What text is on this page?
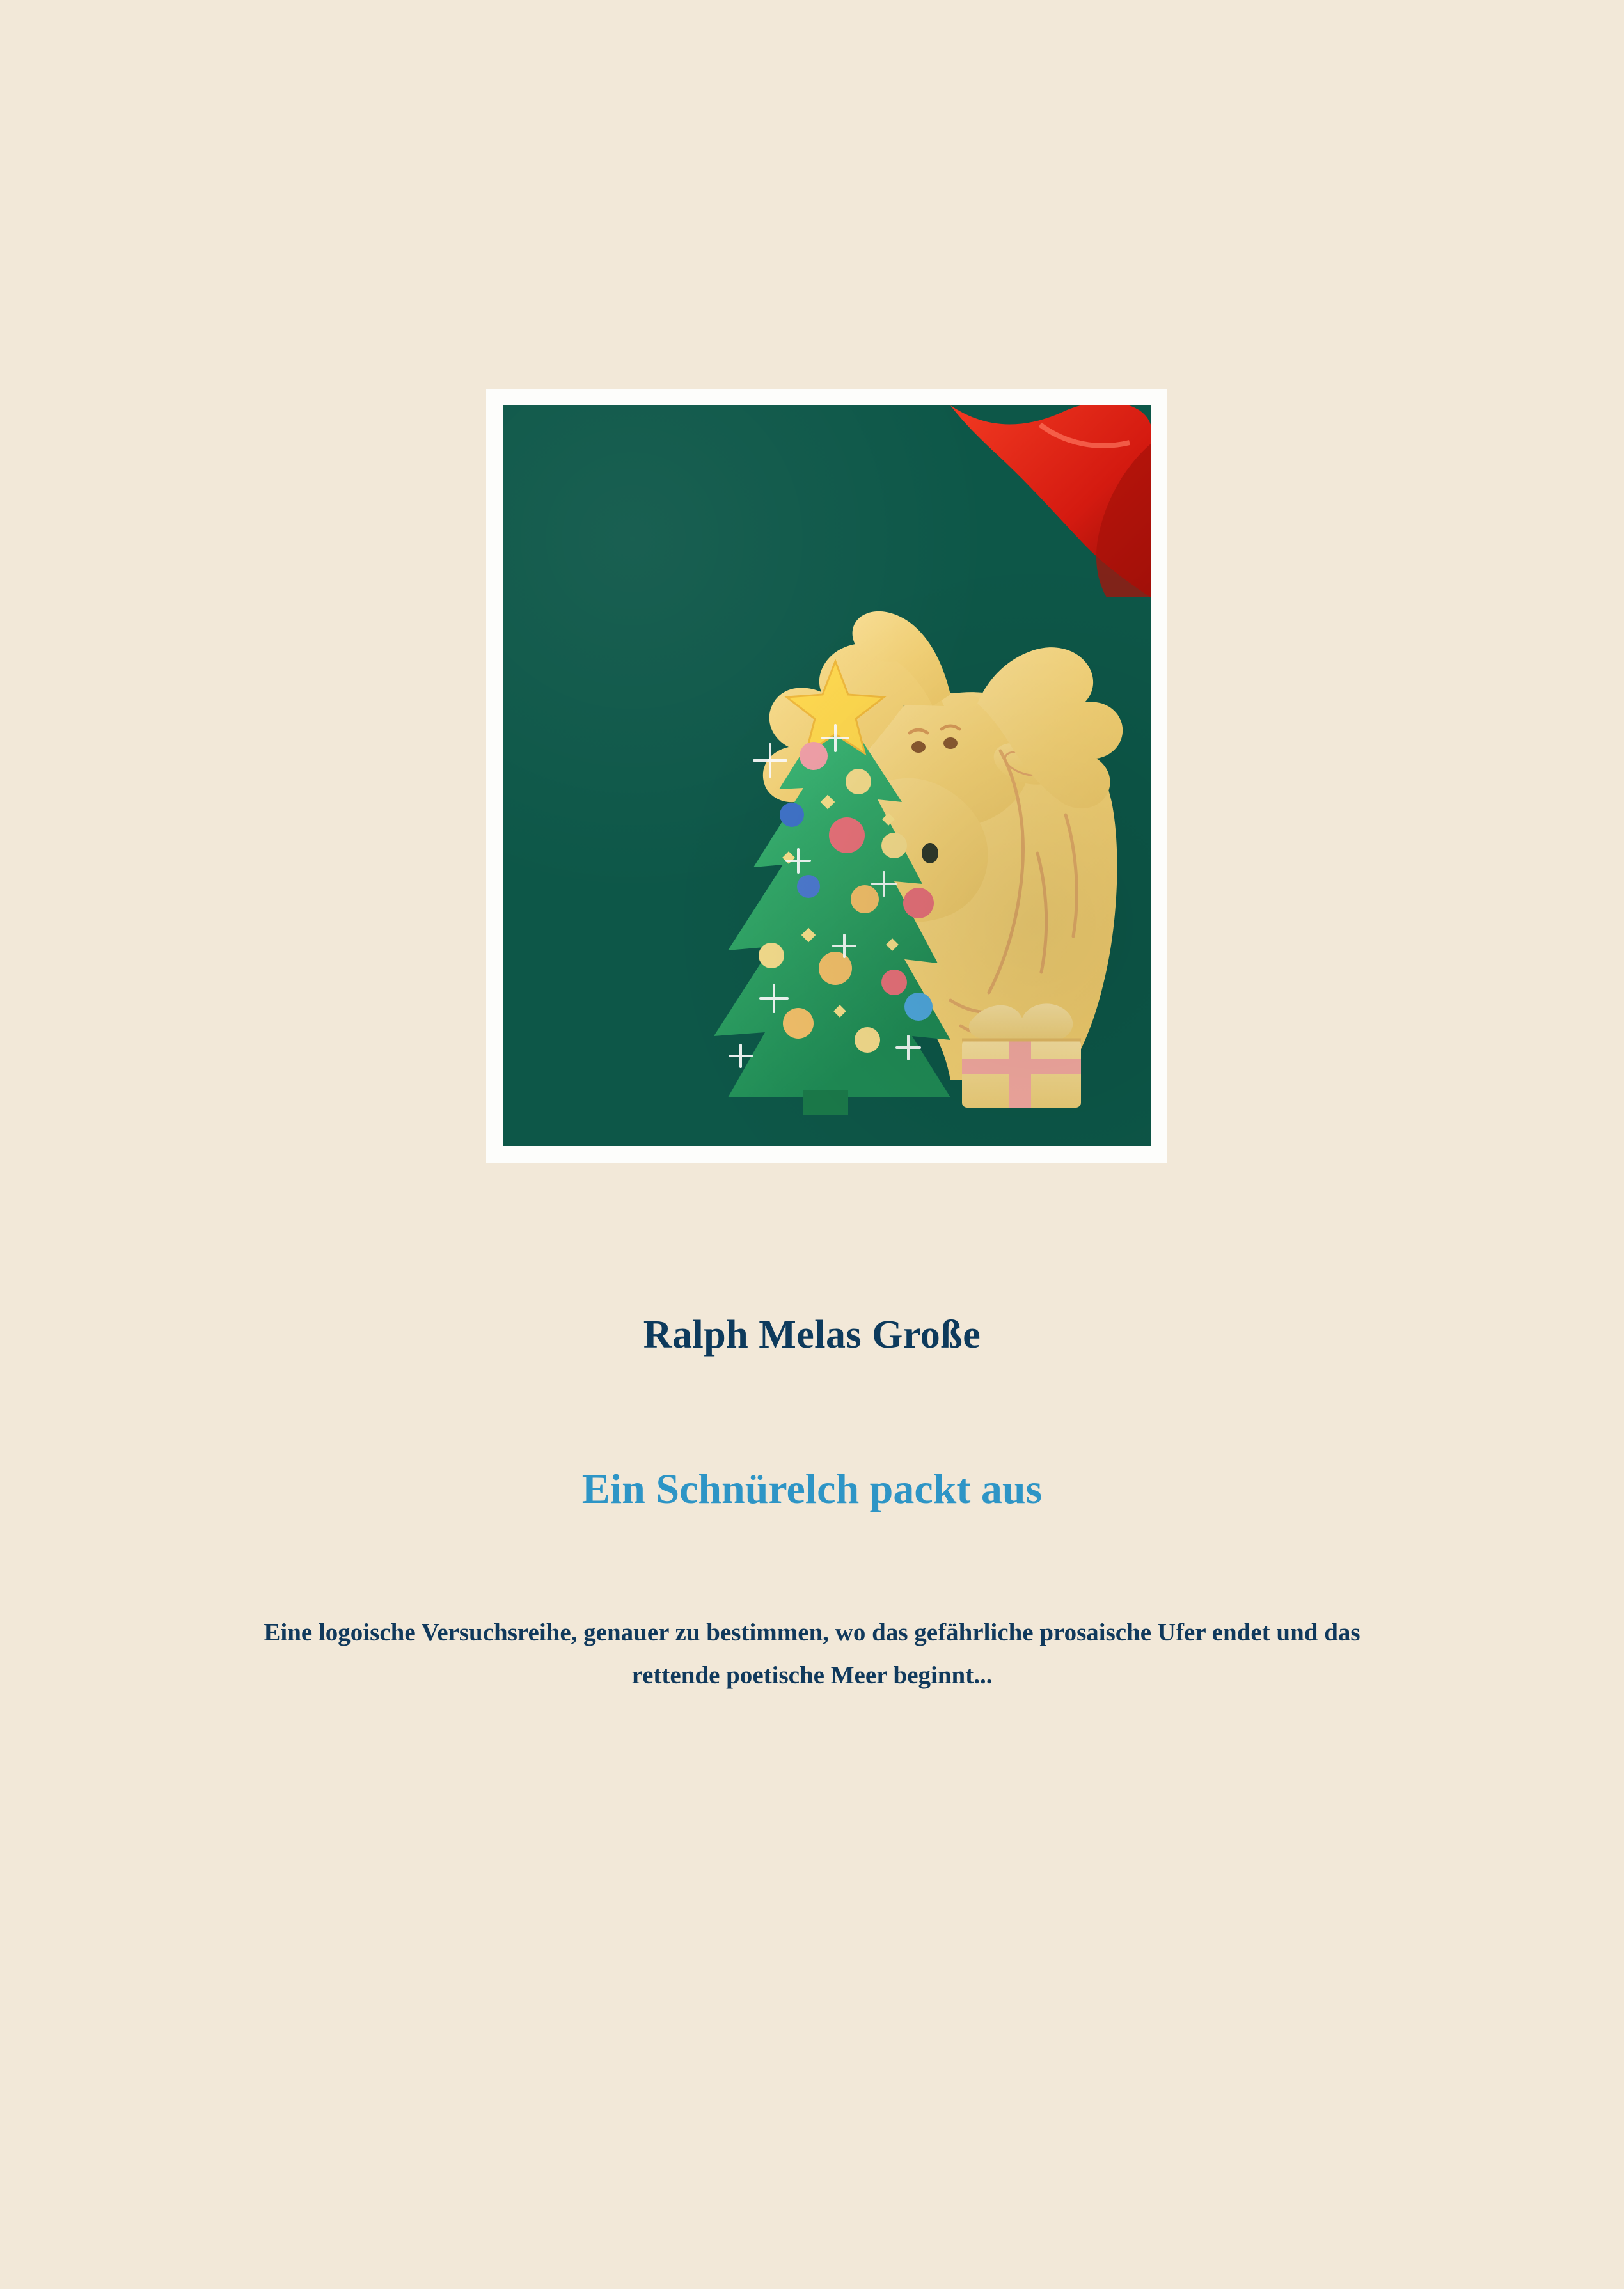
Ralph Melas Große
Ein Schnürelch packt aus
Eine logoische Versuchsreihe, genauer zu bestimmen, wo das gefährliche prosaische Ufer endet und das rettende poetische Meer beginnt...
